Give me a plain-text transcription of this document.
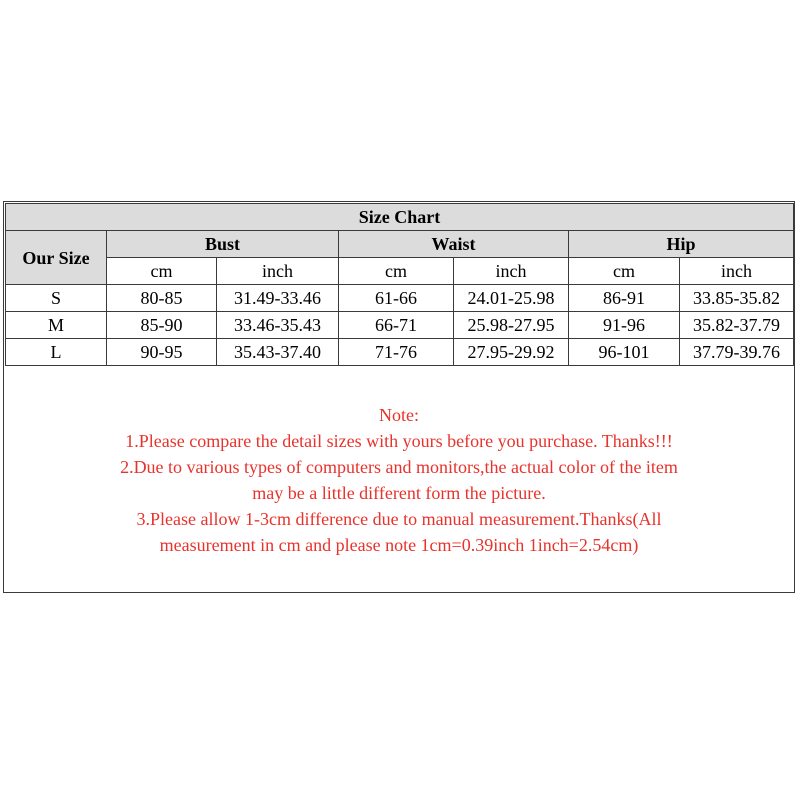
Size Chart						
Our Size	Bust		Waist		Hip	
	cm	inch	cm	inch	cm	inch
S	80-85	31.49-33.46	61-66	24.01-25.98	86-91	33.85-35.82
M	85-90	33.46-35.43	66-71	25.98-27.95	91-96	35.82-37.79
L	90-95	35.43-37.40	71-76	27.95-29.92	96-101	37.79-39.76
Note:
1.Please compare the detail sizes with yours before you purchase. Thanks!!!
2.Due to various types of computers and monitors,the actual color of the item may be a little different form the picture.
3.Please allow 1-3cm difference due to manual measurement.Thanks(All measurement in cm and please note 1cm=0.39inch 1inch=2.54cm)
